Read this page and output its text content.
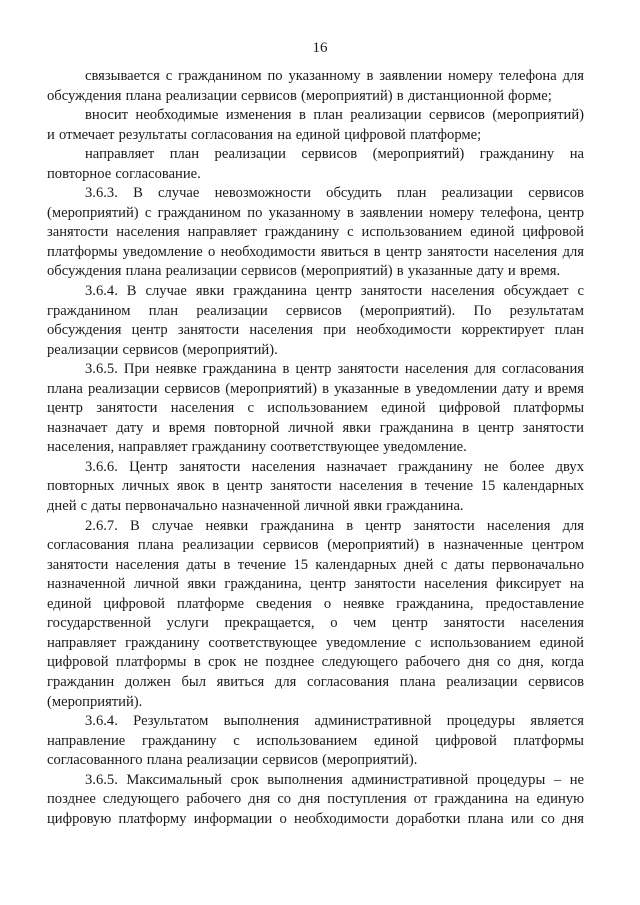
16
связывается с гражданином по указанному в заявлении номеру телефона для
обсуждения плана реализации сервисов (мероприятий) в дистанционной форме;
вносит необходимые изменения в план реализации сервисов (мероприятий)
и отмечает результаты согласования на единой цифровой платформе;
направляет план реализации сервисов (мероприятий) гражданину на
повторное согласование.
3.6.3. В случае невозможности обсудить план реализации сервисов
(мероприятий) с гражданином по указанному в заявлении номеру телефона, центр
занятости населения направляет гражданину с использованием единой цифровой
платформы уведомление о необходимости явиться в центр занятости населения для
обсуждения плана реализации сервисов (мероприятий) в указанные дату и время.
3.6.4. В случае явки гражданина центр занятости населения обсуждает с
гражданином план реализации сервисов (мероприятий). По результатам
обсуждения центр занятости населения при необходимости корректирует план
реализации сервисов (мероприятий).
3.6.5. При неявке гражданина в центр занятости населения для согласования
плана реализации сервисов (мероприятий) в указанные в уведомлении дату и время
центр занятости населения с использованием единой цифровой платформы
назначает дату и время повторной личной явки гражданина в центр занятости
населения, направляет гражданину соответствующее уведомление.
3.6.6. Центр занятости населения назначает гражданину не более двух
повторных личных явок в центр занятости населения в течение 15 календарных
дней с даты первоначально назначенной личной явки гражданина.
2.6.7. В случае неявки гражданина в центр занятости населения для
согласования плана реализации сервисов (мероприятий) в назначенные центром
занятости населения даты в течение 15 календарных дней с даты первоначально
назначенной личной явки гражданина, центр занятости населения фиксирует на
единой цифровой платформе сведения о неявке гражданина, предоставление
государственной услуги прекращается, о чем центр занятости населения
направляет гражданину соответствующее уведомление с использованием единой
цифровой платформы в срок не позднее следующего рабочего дня со дня, когда
гражданин должен был явиться для согласования плана реализации сервисов
(мероприятий).
3.6.4. Результатом выполнения административной процедуры является
направление гражданину с использованием единой цифровой платформы
согласованного плана реализации сервисов (мероприятий).
3.6.5. Максимальный срок выполнения административной процедуры – не
позднее следующего рабочего дня со дня поступления от гражданина на единую
цифровую платформу информации о необходимости доработки плана или со дня
